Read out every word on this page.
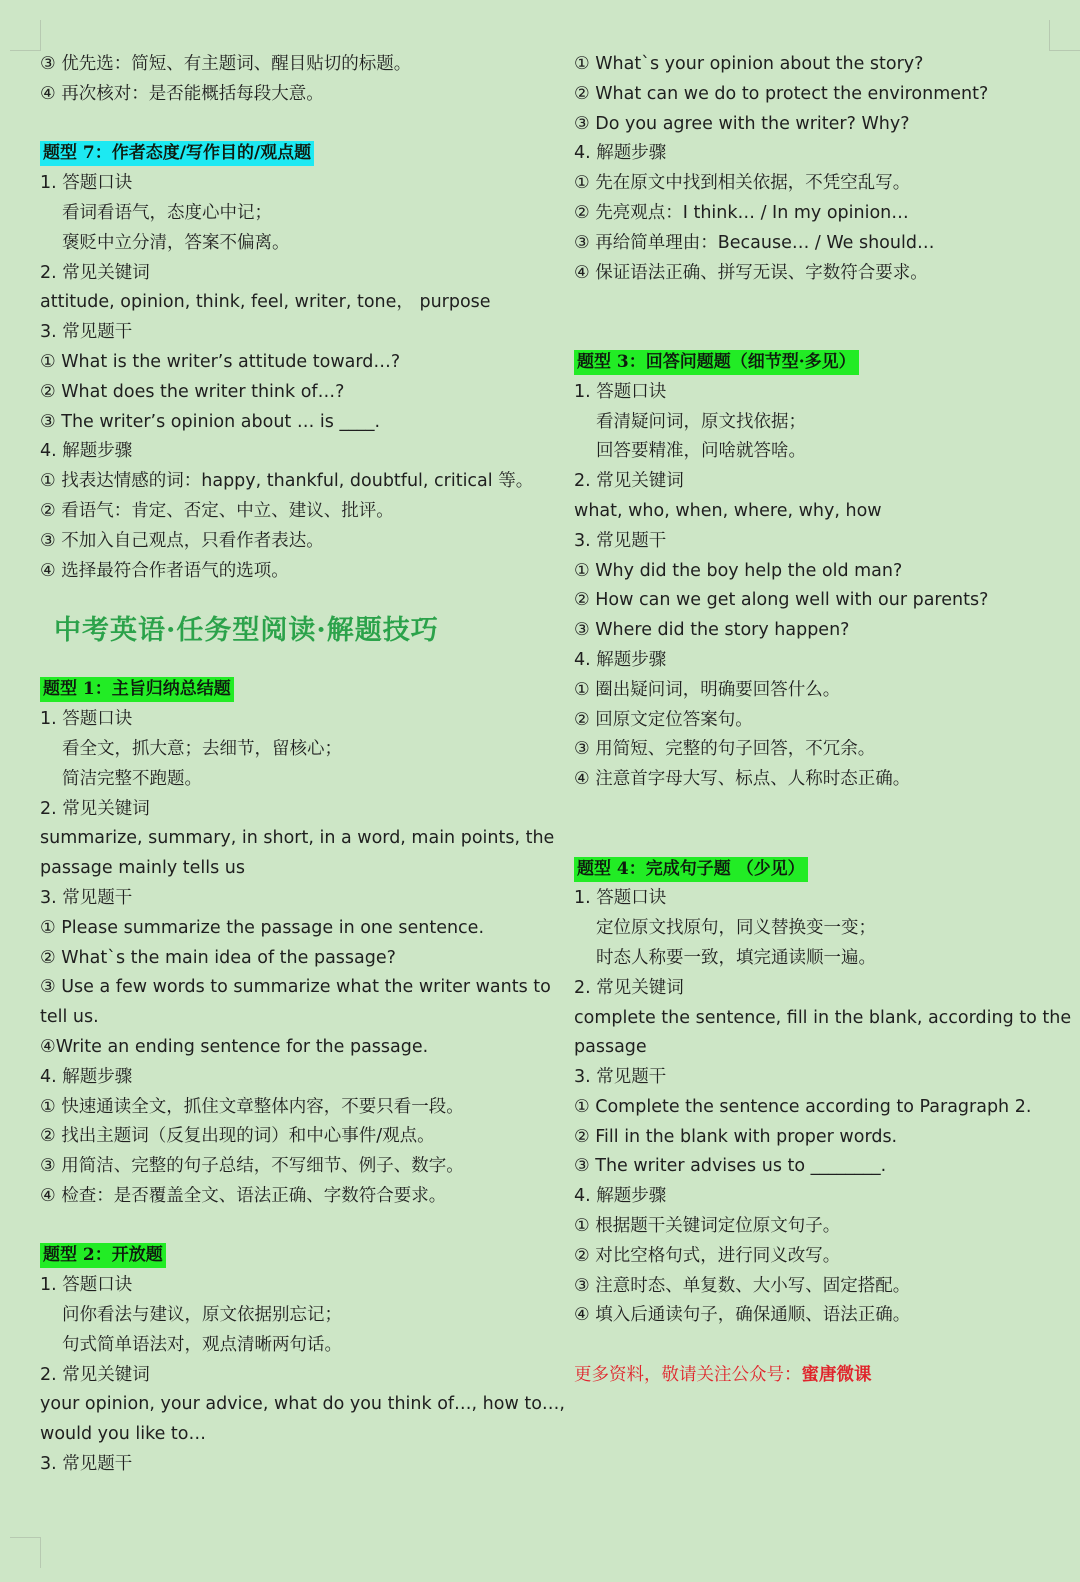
③ 优先选：简短、有主题词、醒目贴切的标题。
④ 再次核对：是否能概括每段大意。
题型 7：作者态度/写作目的/观点题
1. 答题口诀
看词看语气，态度心中记；
褒贬中立分清，答案不偏离。
2. 常见关键词
attitude, opinion, think, feel, writer, tone， purpose
3. 常见题干
① What is the writer’s attitude toward…?
② What does the writer think of…?
③ The writer’s opinion about … is ____.
4. 解题步骤
① 找表达情感的词：happy, thankful, doubtful, critical 等。
② 看语气：肯定、否定、中立、建议、批评。
③ 不加入自己观点，只看作者表达。
④ 选择最符合作者语气的选项。
中考英语·任务型阅读·解题技巧
题型 1：主旨归纳总结题
1. 答题口诀
看全文，抓大意；去细节，留核心；
简洁完整不跑题。
2. 常见关键词
summarize, summary, in short, in a word, main points, the
passage mainly tells us
3. 常见题干
① Please summarize the passage in one sentence.
② What`s the main idea of the passage?
③ Use a few words to summarize what the writer wants to
tell us.
④Write an ending sentence for the passage.
4. 解题步骤
① 快速通读全文，抓住文章整体内容，不要只看一段。
② 找出主题词（反复出现的词）和中心事件/观点。
③ 用简洁、完整的句子总结，不写细节、例子、数字。
④ 检查：是否覆盖全文、语法正确、字数符合要求。
题型 2：开放题
1. 答题口诀
问你看法与建议，原文依据别忘记；
句式简单语法对，观点清晰两句话。
2. 常见关键词
your opinion, your advice, what do you think of…, how to…,
would you like to…
3. 常见题干
① What`s your opinion about the story?
② What can we do to protect the environment?
③ Do you agree with the writer? Why?
4. 解题步骤
① 先在原文中找到相关依据，不凭空乱写。
② 先亮观点：I think… / In my opinion…
③ 再给简单理由：Because… / We should…
④ 保证语法正确、拼写无误、字数符合要求。
题型 3：回答问题题（细节型·多见）
1. 答题口诀
看清疑问词，原文找依据；
回答要精准，问啥就答啥。
2. 常见关键词
what, who, when, where, why, how
3. 常见题干
① Why did the boy help the old man?
② How can we get along well with our parents?
③ Where did the story happen?
4. 解题步骤
① 圈出疑问词，明确要回答什么。
② 回原文定位答案句。
③ 用简短、完整的句子回答，不冗余。
④ 注意首字母大写、标点、人称时态正确。
题型 4：完成句子题 （少见）
1. 答题口诀
定位原文找原句，同义替换变一变；
时态人称要一致，填完通读顺一遍。
2. 常见关键词
complete the sentence, fill in the blank, according to the
passage
3. 常见题干
① Complete the sentence according to Paragraph 2.
② Fill in the blank with proper words.
③ The writer advises us to ________.
4. 解题步骤
① 根据题干关键词定位原文句子。
② 对比空格句式，进行同义改写。
③ 注意时态、单复数、大小写、固定搭配。
④ 填入后通读句子，确保通顺、语法正确。
更多资料，敬请关注公众号：蜜唐微课
